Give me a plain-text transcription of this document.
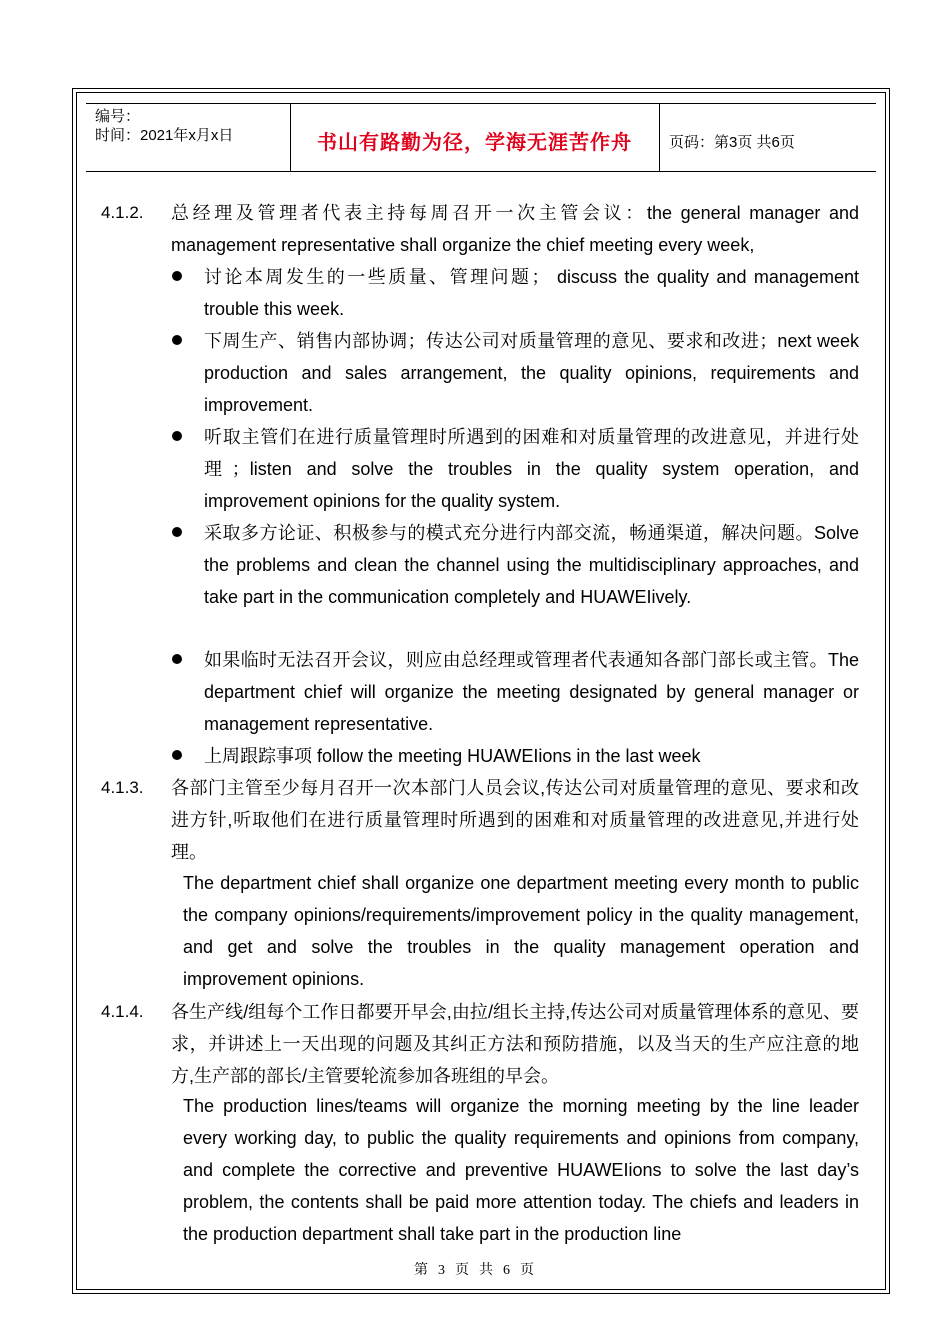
编号：
时间：2021年x月x日	书山有路勤为径，学海无涯苦作舟	页码：第3页 共6页
4.1.2. 总经理及管理者代表主持每周召开一次主管会议：the general manager and management representative shall organize the chief meeting every week,
讨论本周发生的一些质量、管理问题； discuss the quality and management trouble this week.
下周生产、销售内部协调；传达公司对质量管理的意见、要求和改进；next week production and sales arrangement, the quality opinions, requirements and improvement.
听取主管们在进行质量管理时所遇到的困难和对质量管理的改进意见，并进行处理；listen and solve the troubles in the quality system operation, and improvement opinions for the quality system.
采取多方论证、积极参与的模式充分进行内部交流，畅通渠道，解决问题。Solve the problems and clean the channel using the multidisciplinary approaches, and take part in the communication completely and HUAWEIively.
如果临时无法召开会议，则应由总经理或管理者代表通知各部门部长或主管。The department chief will organize the meeting designated by general manager or management representative.
上周跟踪事项 follow the meeting HUAWEIions in the last week
4.1.3. 各部门主管至少每月召开一次本部门人员会议,传达公司对质量管理的意见、要求和改进方针,听取他们在进行质量管理时所遇到的困难和对质量管理的改进意见,并进行处理。
The department chief shall organize one department meeting every month to public the company opinions/requirements/improvement policy in the quality management, and get and solve the troubles in the quality management operation and improvement opinions.
4.1.4. 各生产线/组每个工作日都要开早会,由拉/组长主持,传达公司对质量管理体系的意见、要求，并讲述上一天出现的问题及其纠正方法和预防措施，以及当天的生产应注意的地方,生产部的部长/主管要轮流参加各班组的早会。
The production lines/teams will organize the morning meeting by the line leader every working day, to public the quality requirements and opinions from company, and complete the corrective and preventive HUAWEIions to solve the last day’s problem, the contents shall be paid more attention today. The chiefs and leaders in the production department shall take part in the production line
第 3 页 共 6 页
